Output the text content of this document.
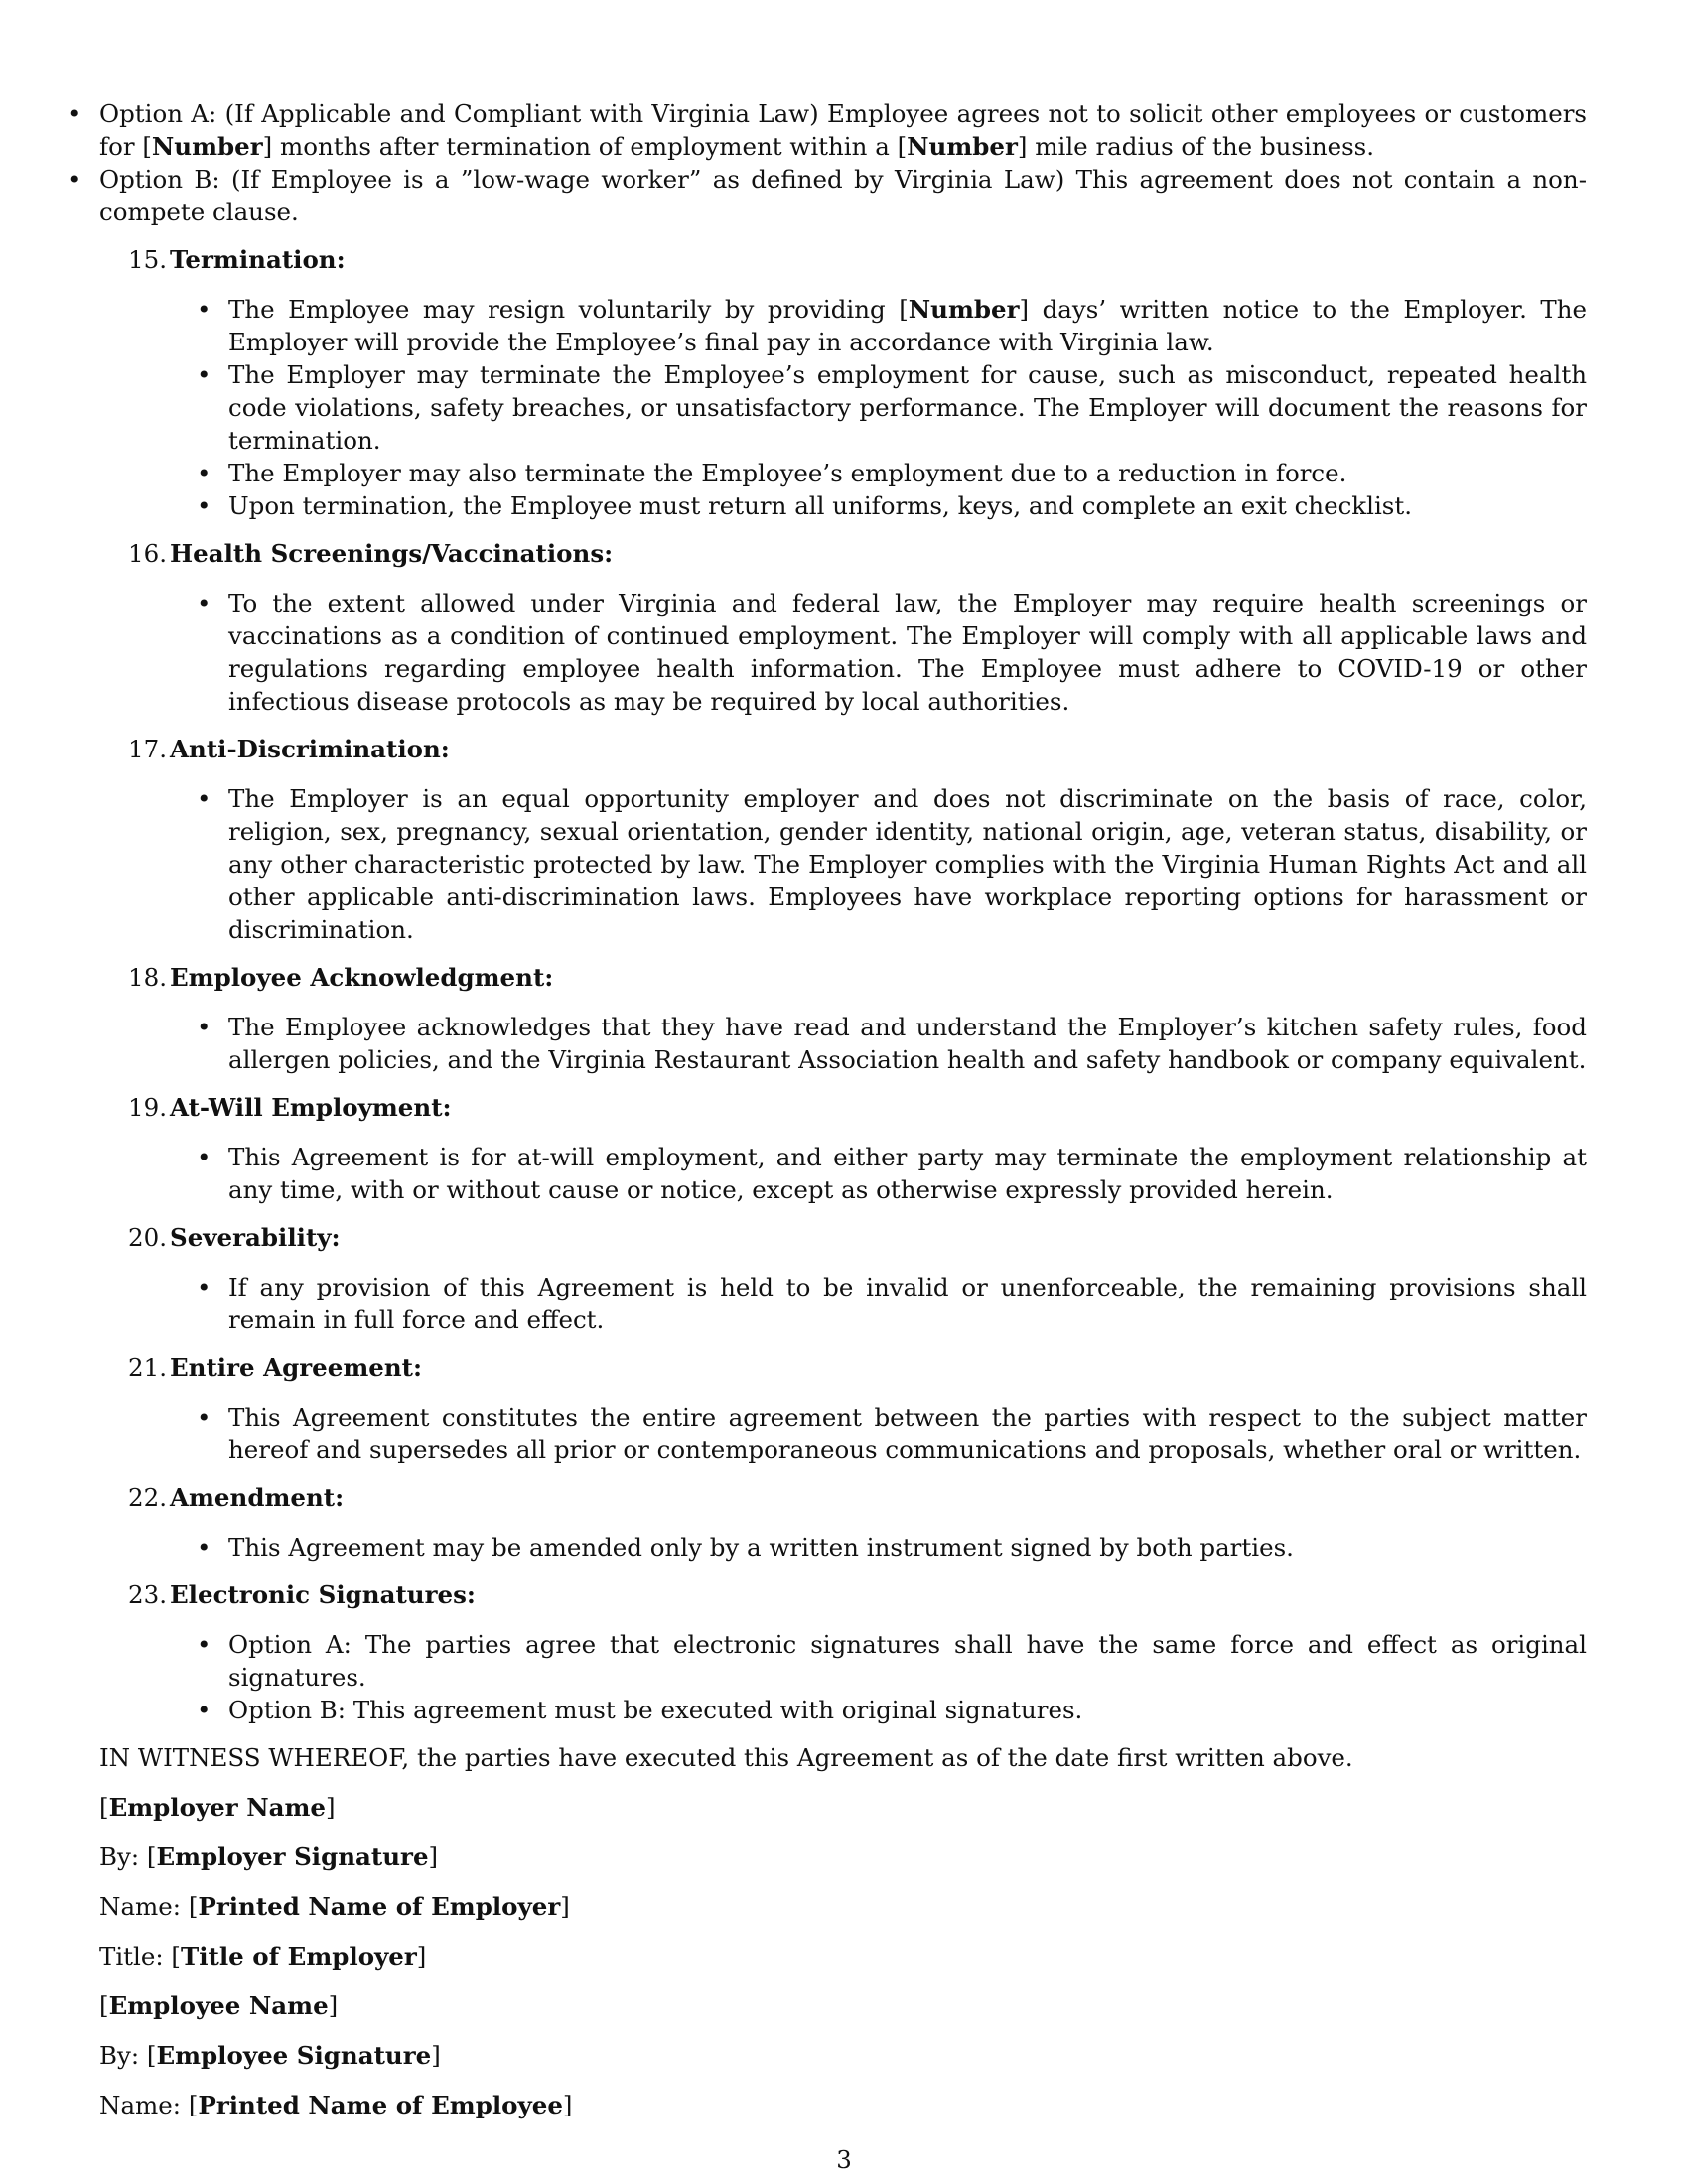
• Option A: (If Applicable and Compliant with Virginia Law) Employee agrees not to solicit other employees or customers for [Number] months after termination of employment within a [Number] mile radius of the business.
• Option B: (If Employee is a ”low-wage worker” as defined by Virginia Law) This agreement does not contain a non-compete clause.
15. Termination:
• The Employee may resign voluntarily by providing [Number] days’ written notice to the Employer. The Employer will provide the Employee’s final pay in accordance with Virginia law.
• The Employer may terminate the Employee’s employment for cause, such as misconduct, repeated health code violations, safety breaches, or unsatisfactory performance. The Employer will document the reasons for termination.
• The Employer may also terminate the Employee’s employment due to a reduction in force.
• Upon termination, the Employee must return all uniforms, keys, and complete an exit checklist.
16. Health Screenings/Vaccinations:
• To the extent allowed under Virginia and federal law, the Employer may require health screenings or vaccinations as a condition of continued employment. The Employer will comply with all applicable laws and regulations regarding employee health information. The Employee must adhere to COVID-19 or other infectious disease protocols as may be required by local authorities.
17. Anti-Discrimination:
• The Employer is an equal opportunity employer and does not discriminate on the basis of race, color, religion, sex, pregnancy, sexual orientation, gender identity, national origin, age, veteran status, disability, or any other characteristic protected by law. The Employer complies with the Virginia Human Rights Act and all other applicable anti-discrimination laws. Employees have workplace reporting options for harassment or discrimination.
18. Employee Acknowledgment:
• The Employee acknowledges that they have read and understand the Employer’s kitchen safety rules, food allergen policies, and the Virginia Restaurant Association health and safety handbook or company equivalent.
19. At-Will Employment:
• This Agreement is for at-will employment, and either party may terminate the employment relationship at any time, with or without cause or notice, except as otherwise expressly provided herein.
20. Severability:
• If any provision of this Agreement is held to be invalid or unenforceable, the remaining provisions shall remain in full force and effect.
21. Entire Agreement:
• This Agreement constitutes the entire agreement between the parties with respect to the subject matter hereof and supersedes all prior or contemporaneous communications and proposals, whether oral or written.
22. Amendment:
• This Agreement may be amended only by a written instrument signed by both parties.
23. Electronic Signatures:
• Option A: The parties agree that electronic signatures shall have the same force and effect as original signatures.
• Option B: This agreement must be executed with original signatures.
IN WITNESS WHEREOF, the parties have executed this Agreement as of the date first written above.
[Employer Name]
By: [Employer Signature]
Name: [Printed Name of Employer]
Title: [Title of Employer]
[Employee Name]
By: [Employee Signature]
Name: [Printed Name of Employee]
3
